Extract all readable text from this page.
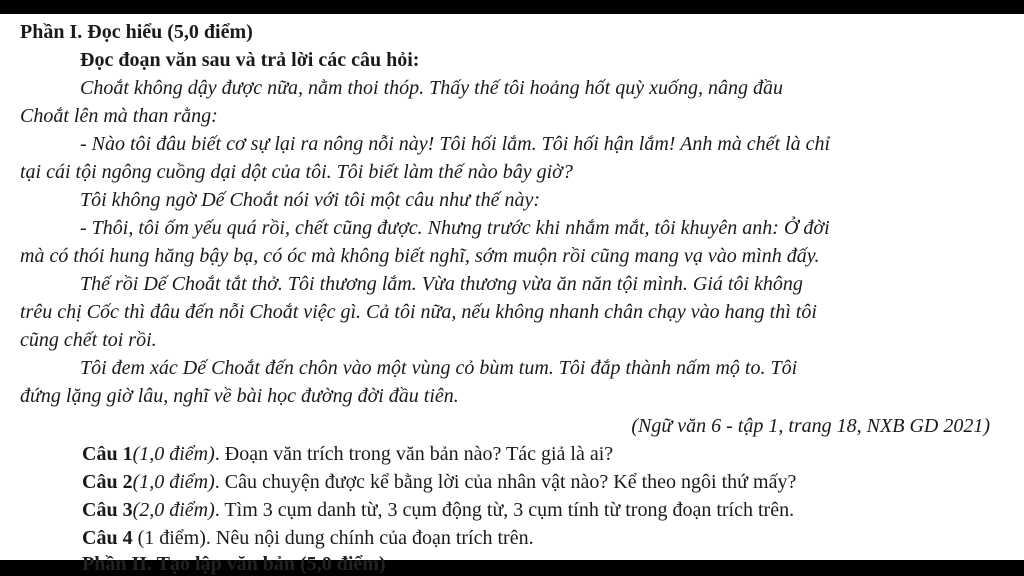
Phần I. Đọc hiểu (5,0 điểm)
Đọc đoạn văn sau và trả lời các câu hỏi:
Choắt không dậy được nữa, nằm thoi thóp. Thấy thế tôi hoảng hốt quỳ xuống, nâng đầu
Choắt lên mà than rằng:
- Nào tôi đâu biết cơ sự lại ra nông nỗi này! Tôi hối lắm. Tôi hối hận lắm! Anh mà chết là chỉ
tại cái tội ngông cuồng dại dột của tôi. Tôi biết làm thế nào bây giờ?
Tôi không ngờ Dế Choắt nói với tôi một câu như thế này:
- Thôi, tôi ốm yếu quá rồi, chết cũng được. Nhưng trước khi nhắm mắt, tôi khuyên anh: Ở đời
mà có thói hung hăng bậy bạ, có óc mà không biết nghĩ, sớm muộn rồi cũng mang vạ vào mình đấy.
Thế rồi Dế Choắt tắt thở. Tôi thương lắm. Vừa thương vừa ăn năn tội mình. Giá tôi không
trêu chị Cốc thì đâu đến nỗi Choắt việc gì. Cả tôi nữa, nếu không nhanh chân chạy vào hang thì tôi
cũng chết toi rồi.
Tôi đem xác Dế Choắt đến chôn vào một vùng cỏ bùm tum. Tôi đắp thành nấm mộ to. Tôi
đứng lặng giờ lâu, nghĩ về bài học đường đời đầu tiên.
(Ngữ văn 6 - tập 1, trang 18, NXB GD 2021)
Câu 1(1,0 điểm). Đoạn văn trích trong văn bản nào? Tác giả là ai?
Câu 2(1,0 điểm). Câu chuyện được kể bằng lời của nhân vật nào? Kể theo ngôi thứ mấy?
Câu 3(2,0 điểm). Tìm 3 cụm danh từ, 3 cụm động từ, 3 cụm tính từ trong đoạn trích trên.
Câu 4 (1 điểm). Nêu nội dung chính của đoạn trích trên.
Phần II. Tạo lập văn bản (5,0 điểm)
